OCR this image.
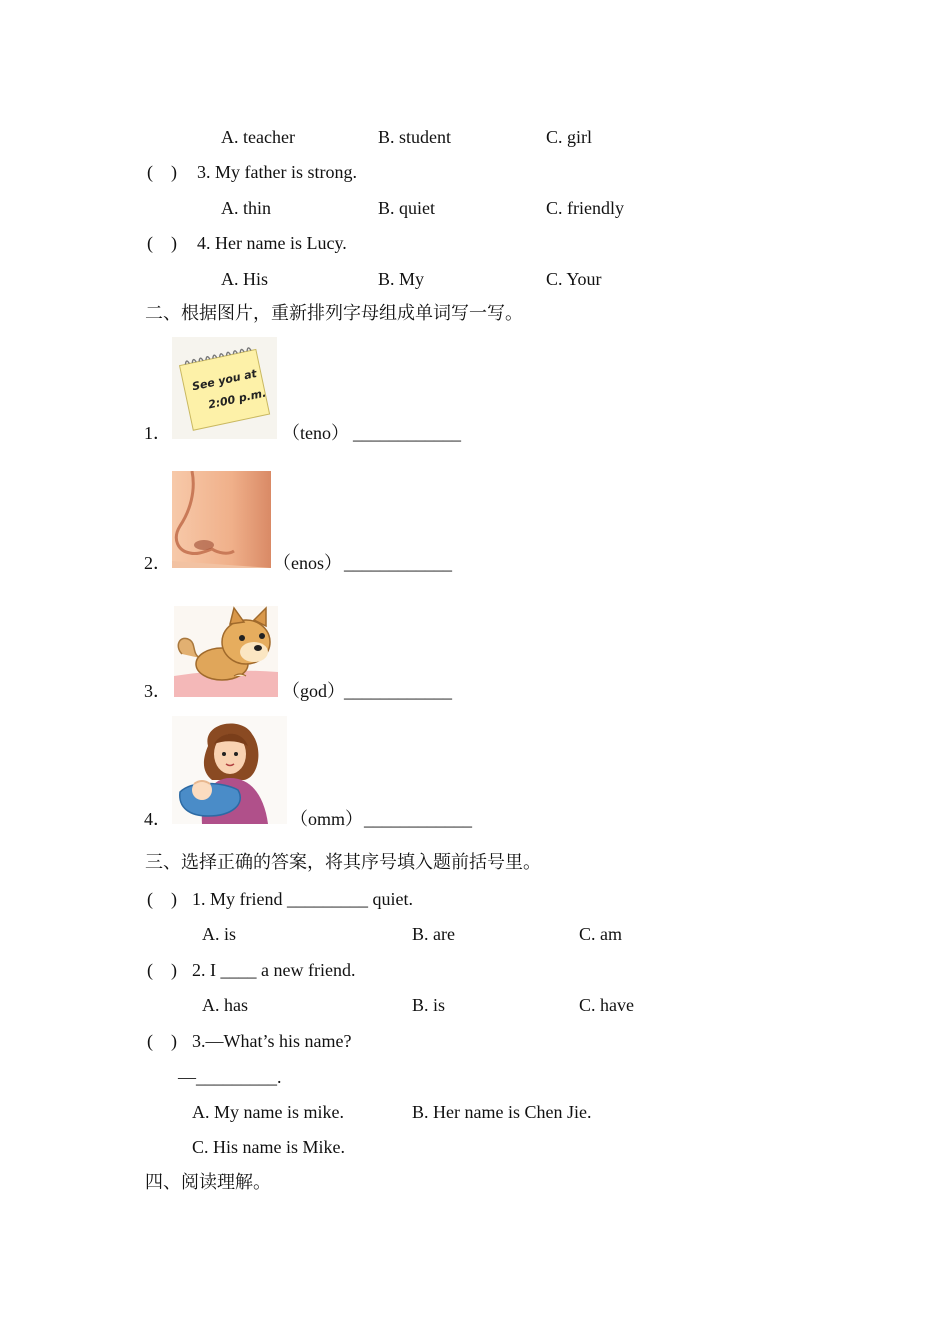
A. teacher	B. student	C. girl
(　) 3. My father is strong.
A. thin	B. quiet	C. friendly
(　) 4. Her name is Lucy.
A. His	B. My	C. Your
二、根据图片，重新排列字母组成单词写一写。
See you at
2:00 p.m.
1．	（teno） ____________
2．	（enos） ____________
3．	（god） ____________
4．	（omm） ____________
三、选择正确的答案，将其序号填入题前括号里。
(　) 1. My friend _________ quiet.
A. is	B. are	C. am
(　) 2. I ____ a new friend.
A. has	B. is	C. have
(　) 3.—What’s his name?
—_________.
A. My name is mike.	B. Her name is Chen Jie.
C. His name is Mike.
四、阅读理解。
